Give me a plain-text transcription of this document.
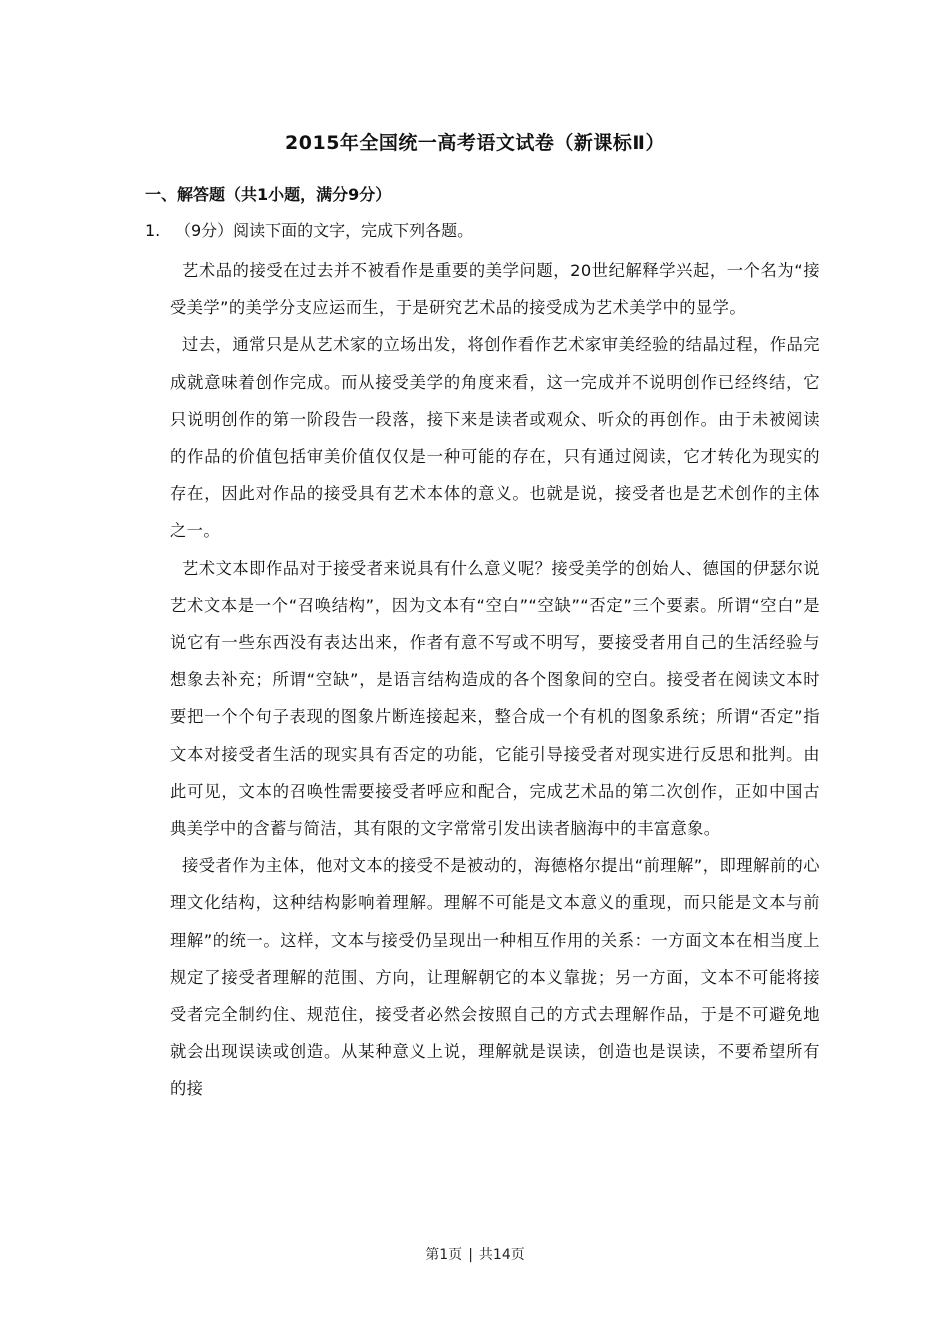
2015年全国统一高考语文试卷（新课标Ⅱ）
一、解答题（共1小题，满分9分）
1. （9分）阅读下面的文字，完成下列各题。

艺术品的接受在过去并不被看作是重要的美学问题，20世纪解释学兴起，一个名为“接受美学”的美学分支应运而生，于是研究艺术品的接受成为艺术美学中的显学。

过去，通常只是从艺术家的立场出发，将创作看作艺术家审美经验的结晶过程，作品完成就意味着创作完成。而从接受美学的角度来看，这一完成并不说明创作已经终结，它只说明创作的第一阶段告一段落，接下来是读者或观众、听众的再创作。由于未被阅读的作品的价值包括审美价值仅仅是一种可能的存在，只有通过阅读，它才转化为现实的存在，因此对作品的接受具有艺术本体的意义。也就是说，接受者也是艺术创作的主体之一。

艺术文本即作品对于接受者来说具有什么意义呢？接受美学的创始人、德国的伊瑟尔说艺术文本是一个“召唤结构”，因为文本有“空白”“空缺”“否定”三个要素。所谓“空白”是说它有一些东西没有表达出来，作者有意不写或不明写，要接受者用自己的生活经验与想象去补充；所谓“空缺”，是语言结构造成的各个图象间的空白。接受者在阅读文本时要把一个个句子表现的图象片断连接起来，整合成一个有机的图象系统；所谓“否定”指文本对接受者生活的现实具有否定的功能，它能引导接受者对现实进行反思和批判。由此可见，文本的召唤性需要接受者呼应和配合，完成艺术品的第二次创作，正如中国古典美学中的含蓄与简洁，其有限的文字常常引发出读者脑海中的丰富意象。

接受者作为主体，他对文本的接受不是被动的，海德格尔提出“前理解”，即理解前的心理文化结构，这种结构影响着理解。理解不可能是文本意义的重现，而只能是文本与前理解”的统一。这样，文本与接受仍呈现出一种相互作用的关系：一方面文本在相当度上规定了接受者理解的范围、方向，让理解朝它的本义靠拢；另一方面，文本不可能将接受者完全制约住、规范住，接受者必然会按照自己的方式去理解作品，于是不可避免地就会出现误读或创造。从某种意义上说，理解就是误读，创造也是误读，不要希望所有的接

第1页 | 共14页
